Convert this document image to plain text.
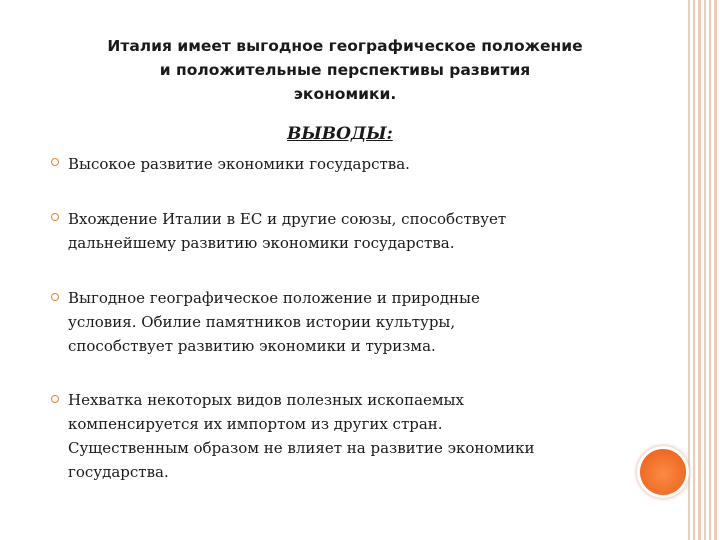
Италия имеет выгодное географическое положение
и положительные перспективы развития
экономики.
ВЫВОДЫ:
Высокое развитие экономики государства.
Вхождение Италии в ЕС и другие союзы, способствует
дальнейшему развитию экономики государства.
Выгодное географическое положение и природные
условия. Обилие памятников истории культуры,
способствует развитию экономики и туризма.
Нехватка некоторых видов полезных ископаемых
компенсируется их импортом из других стран.
Существенным образом не влияет на развитие экономики
государства.
